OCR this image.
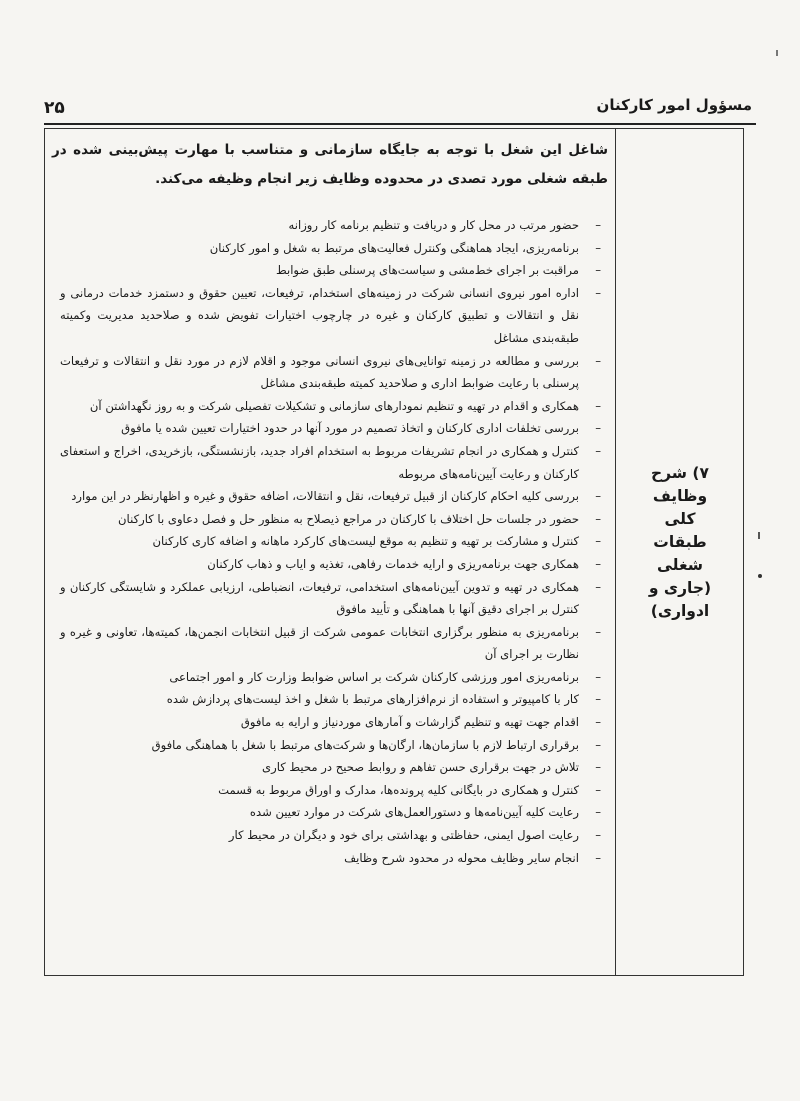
۲۵	مسؤول امور کارکنان
۷) شرح
وظایف
کلی
طبقات
شغلی
(جاری و
ادواری)
شاغل این شغل با توجه به جایگاه سازمانی و متناسب با مهارت پیش‌بینی شده در طبقه شغلی مورد تصدی در محدوده وظایف زیر انجام وظیفه می‌کند.
– حضور مرتب در محل کار و دریافت و تنظیم برنامه کار روزانه
– برنامه‌ریزی، ایجاد هماهنگی وکنترل فعالیت‌های مرتبط به شغل و امور کارکنان
– مراقبت بر اجرای خط‌مشی و سیاست‌های پرسنلی طبق ضوابط
– اداره امور نیروی انسانی شرکت در زمینه‌های استخدام، ترفیعات، تعیین حقوق و دستمزد خدمات درمانی و نقل و انتقالات و تطبیق کارکنان و غیره در چارچوب اختیارات تفویض شده و صلاحدید مدیریت وکمیته طبقه‌بندی مشاغل
– بررسی و مطالعه در زمینه توانایی‌های نیروی انسانی موجود و اقلام لازم در مورد نقل و انتقالات و ترفیعات پرسنلی با رعایت ضوابط اداری و صلاحدید کمیته طبقه‌بندی مشاغل
– همکاری و اقدام در تهیه و تنظیم نمودارهای سازمانی و تشکیلات تفصیلی شرکت و به روز نگهداشتن آن
– بررسی تخلفات اداری کارکنان و اتخاذ تصمیم در مورد آنها در حدود اختیارات تعیین شده یا مافوق
– کنترل و همکاری در انجام تشریفات مربوط به استخدام افراد جدید، بازنشستگی، بازخریدی، اخراج و استعفای کارکنان و رعایت آیین‌نامه‌های مربوطه
– بررسی کلیه احکام کارکنان از قبیل ترفیعات، نقل و انتقالات، اضافه حقوق و غیره و اظهارنظر در این موارد
– حضور در جلسات حل اختلاف با کارکنان در مراجع ذیصلاح به منظور حل و فصل دعاوی با کارکنان
– کنترل و مشارکت بر تهیه و تنظیم به موقع لیست‌های کارکرد ماهانه و اضافه کاری کارکنان
– همکاری جهت برنامه‌ریزی و ارایه خدمات رفاهی، تغذیه و ایاب و ذهاب کارکنان
– همکاری در تهیه و تدوین آیین‌نامه‌های استخدامی، ترفیعات، انضباطی، ارزیابی عملکرد و شایستگی کارکنان و کنترل بر اجرای دقیق آنها با هماهنگی و تأیید مافوق
– برنامه‌ریزی به منظور برگزاری انتخابات عمومی شرکت از قبیل انتخابات انجمن‌ها، کمیته‌ها، تعاونی و غیره و نظارت بر اجرای آن
– برنامه‌ریزی امور ورزشی کارکنان شرکت بر اساس ضوابط وزارت کار و امور اجتماعی
– کار با کامپیوتر و استفاده از نرم‌افزارهای مرتبط با شغل و اخذ لیست‌های پردازش شده
– اقدام جهت تهیه و تنظیم گزارشات و آمارهای موردنیاز و ارایه به مافوق
– برقراری ارتباط لازم با سازمان‌ها، ارگان‌ها و شرکت‌های مرتبط با شغل با هماهنگی مافوق
– تلاش در جهت برقراری حسن تفاهم و روابط صحیح در محیط کاری
– کنترل و همکاری در بایگانی کلیه پرونده‌ها، مدارک و اوراق مربوط به قسمت
– رعایت کلیه آیین‌نامه‌ها و دستورالعمل‌های شرکت در موارد تعیین شده
– رعایت اصول ایمنی، حفاظتی و بهداشتی برای خود و دیگران در محیط کار
– انجام سایر وظایف محوله در محدود شرح وظایف
